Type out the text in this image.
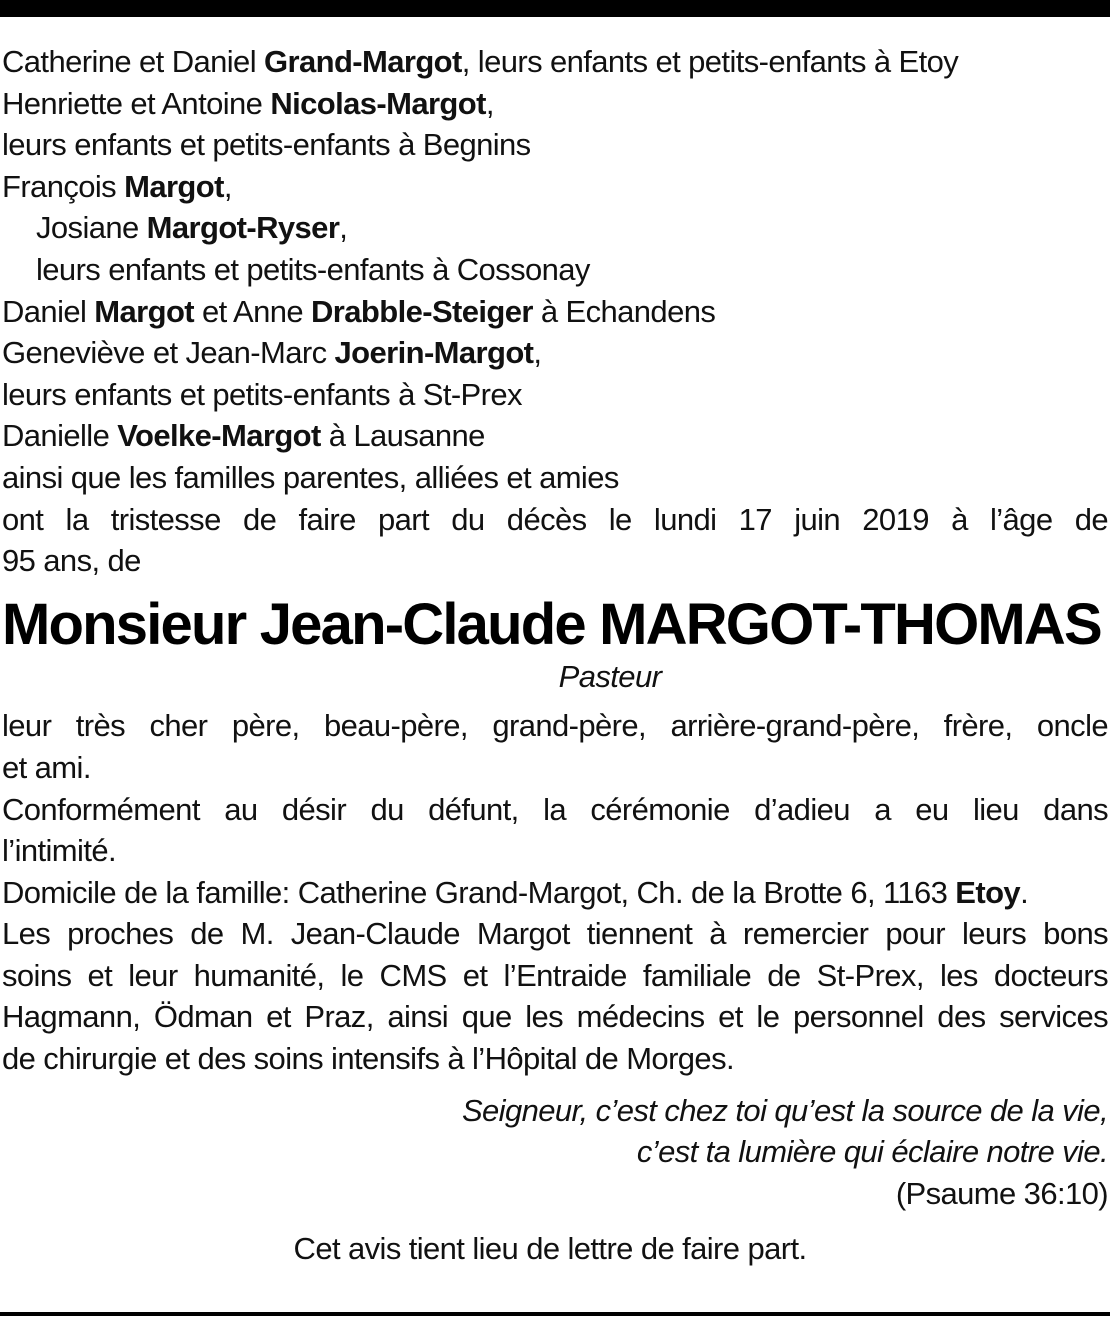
Catherine et Daniel Grand-Margot, leurs enfants et petits-enfants à Etoy
Henriette et Antoine Nicolas-Margot,
leurs enfants et petits-enfants à Begnins
François Margot,
Josiane Margot-Ryser,
leurs enfants et petits-enfants à Cossonay
Daniel Margot et Anne Drabble-Steiger à Echandens
Geneviève et Jean-Marc Joerin-Margot,
leurs enfants et petits-enfants à St-Prex
Danielle Voelke-Margot à Lausanne
ainsi que les familles parentes, alliées et amies
ont la tristesse de faire part du décès le lundi 17 juin 2019 à l’âge de
95 ans, de
Monsieur Jean-Claude MARGOT-THOMAS
Pasteur
leur très cher père, beau-père, grand-père, arrière-grand-père, frère, oncle
et ami.
Conformément au désir du défunt, la cérémonie d’adieu a eu lieu dans
l’intimité.
Domicile de la famille: Catherine Grand-Margot, Ch. de la Brotte 6, 1163 Etoy.
Les proches de M. Jean-Claude Margot tiennent à remercier pour leurs bons
soins et leur humanité, le CMS et l’Entraide familiale de St-Prex, les docteurs
Hagmann, Ödman et Praz, ainsi que les médecins et le personnel des services
de chirurgie et des soins intensifs à l’Hôpital de Morges.
Seigneur, c’est chez toi qu’est la source de la vie,
c’est ta lumière qui éclaire notre vie.
(Psaume 36:10)
Cet avis tient lieu de lettre de faire part.
